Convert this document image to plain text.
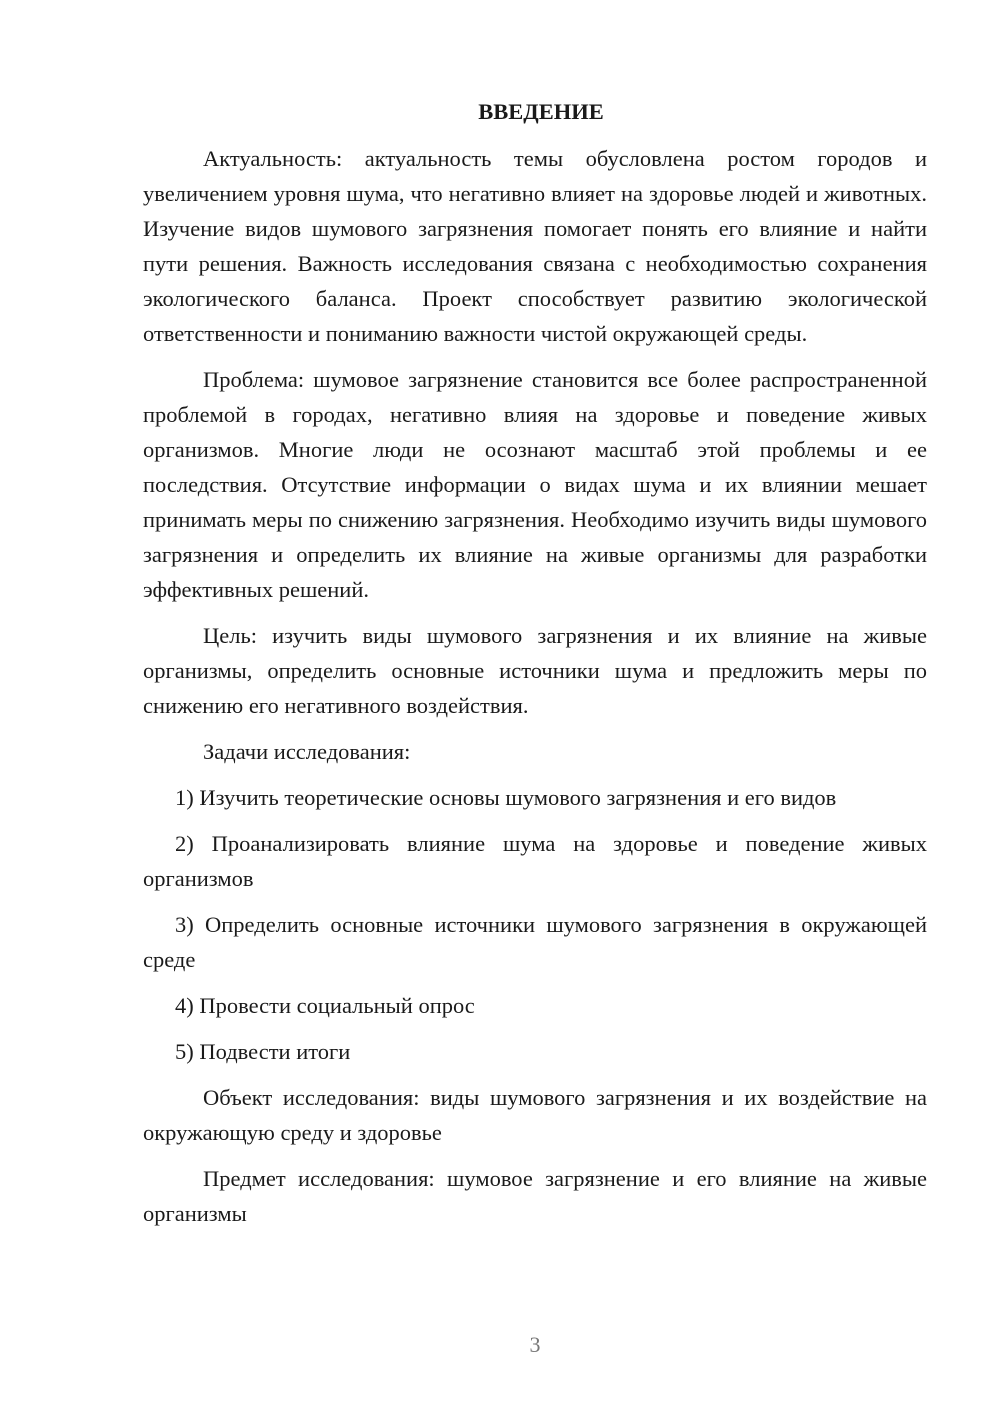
ВВЕДЕНИЕ

Актуальность: актуальность темы обусловлена ростом городов и увеличением уровня шума, что негативно влияет на здоровье людей и животных. Изучение видов шумового загрязнения помогает понять его влияние и найти пути решения. Важность исследования связана с необходимостью сохранения экологического баланса. Проект способствует развитию экологической ответственности и пониманию важности чистой окружающей среды.

Проблема: шумовое загрязнение становится все более распространенной проблемой в городах, негативно влияя на здоровье и поведение живых организмов. Многие люди не осознают масштаб этой проблемы и ее последствия. Отсутствие информации о видах шума и их влиянии мешает принимать меры по снижению загрязнения. Необходимо изучить виды шумового загрязнения и определить их влияние на живые организмы для разработки эффективных решений.

Цель: изучить виды шумового загрязнения и их влияние на живые организмы, определить основные источники шума и предложить меры по снижению его негативного воздействия.

Задачи исследования:

1) Изучить теоретические основы шумового загрязнения и его видов

2) Проанализировать влияние шума на здоровье и поведение живых организмов

3) Определить основные источники шумового загрязнения в окружающей среде

4) Провести социальный опрос

5) Подвести итоги

Объект исследования: виды шумового загрязнения и их воздействие на окружающую среду и здоровье

Предмет исследования: шумовое загрязнение и его влияние на живые организмы

3
